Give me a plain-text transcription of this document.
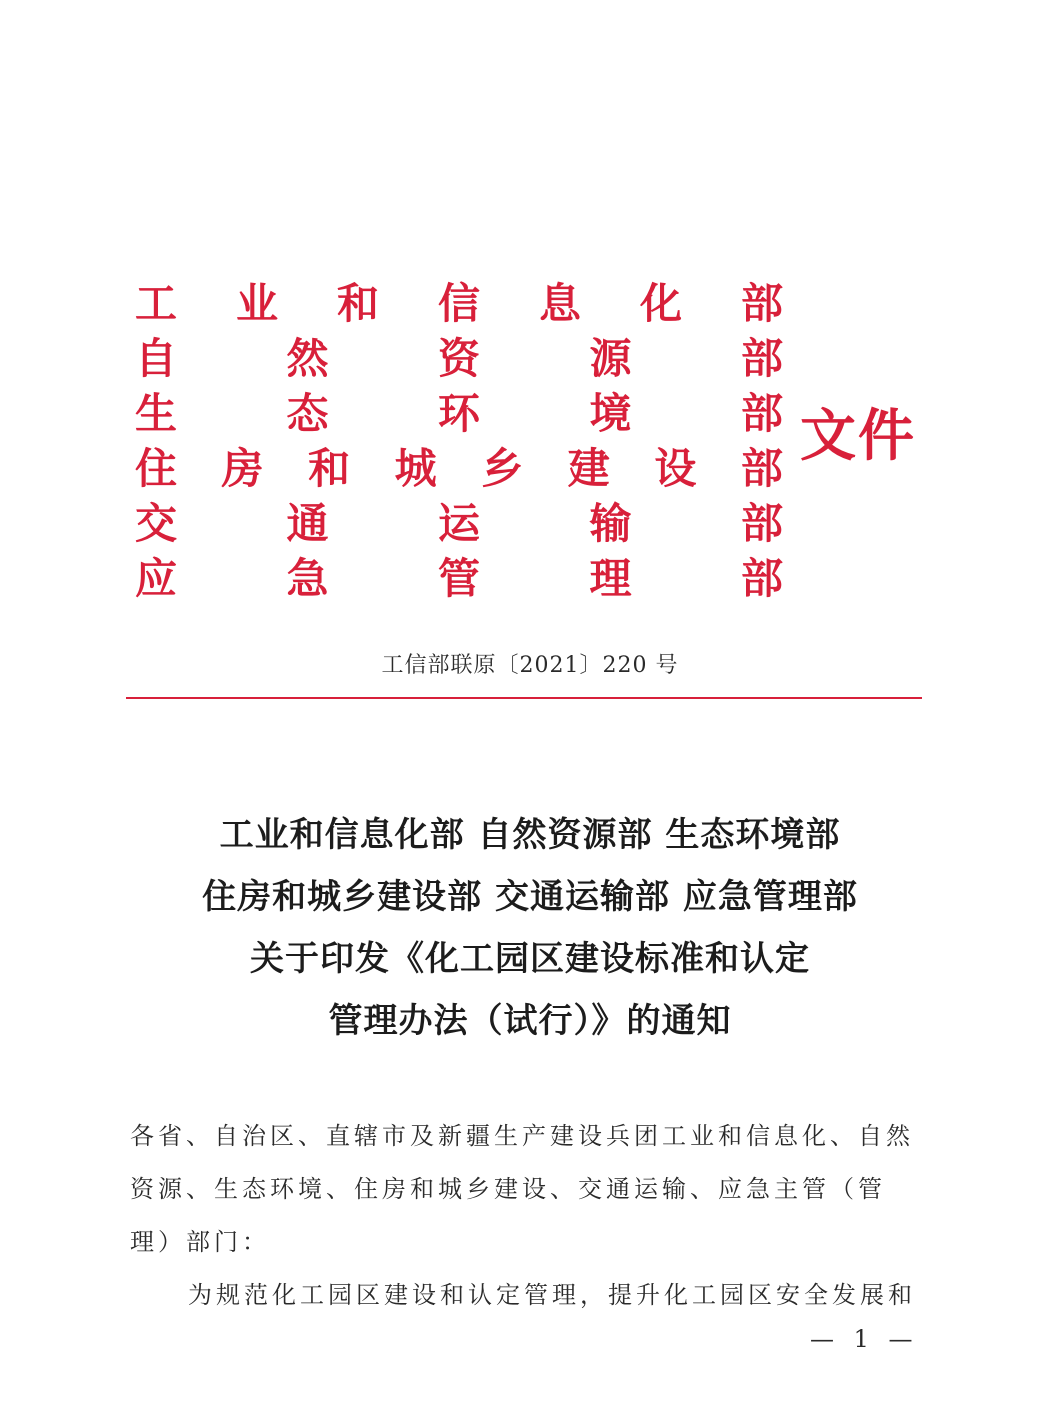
工 业 和 信 息 化 部
自	然	资	源	部
生	态	环	境	部
住 房 和 城 乡 建 设 部
交	通	运	输	部
应	急	管	理	部
文件
工信部联原〔2021〕220 号
工业和信息化部 自然资源部 生态环境部
住房和城乡建设部 交通运输部 应急管理部
关于印发《化工园区建设标准和认定
管理办法（试行）》的通知
各省、自治区、直辖市及新疆生产建设兵团工业和信息化、自然
资源、生态环境、住房和城乡建设、交通运输、应急主管（管
理）部门：
为规范化工园区建设和认定管理，提升化工园区安全发展和
— 1 —
